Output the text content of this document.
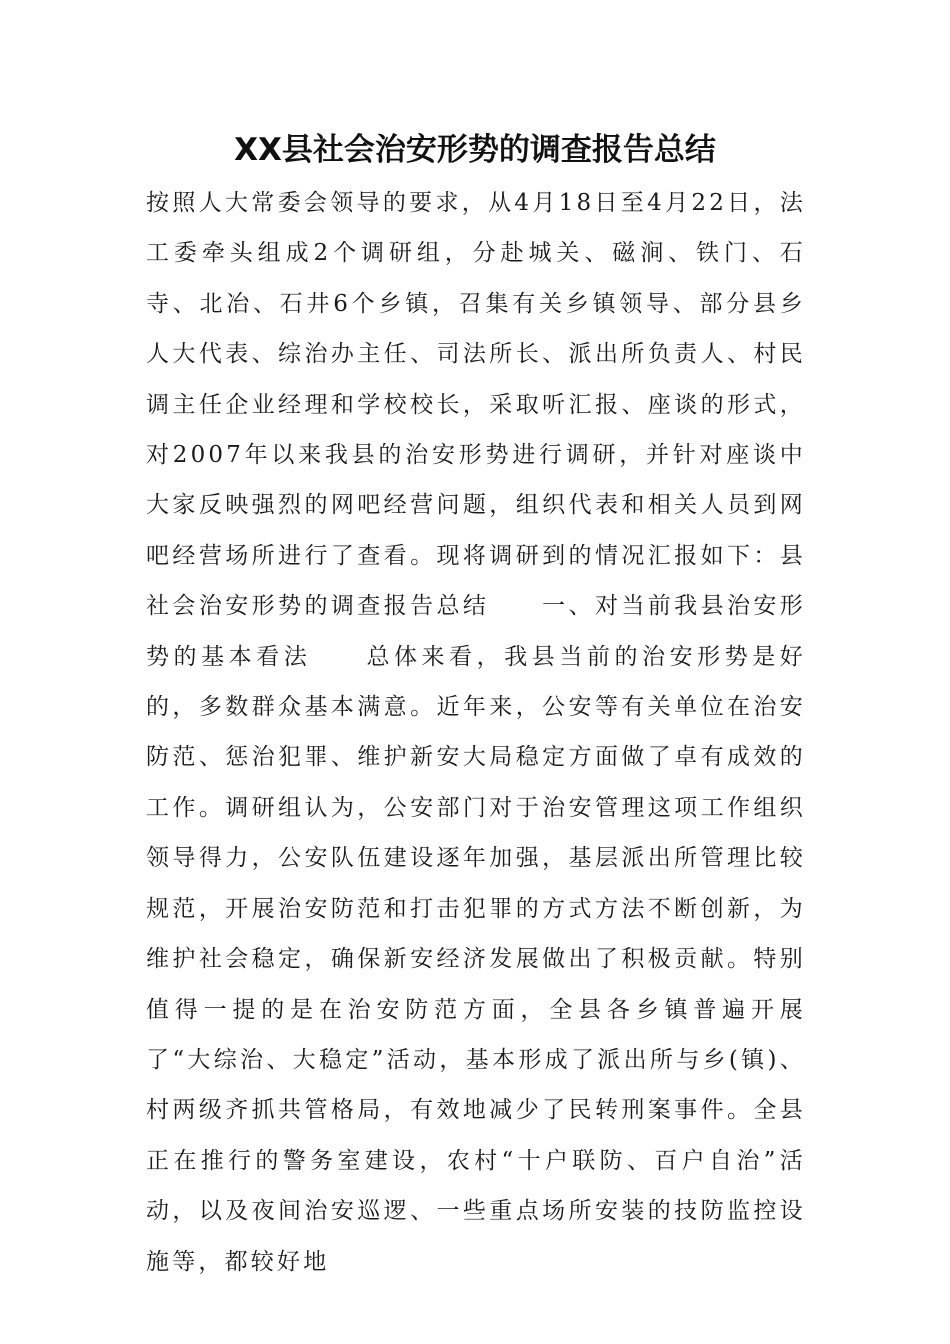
XX县社会治安形势的调查报告总结

按照人大常委会领导的要求，从4月18日至4月22日，法工委牵头组成2个调研组，分赴城关、磁涧、铁门、石寺、北冶、石井6个乡镇，召集有关乡镇领导、部分县乡人大代表、综治办主任、司法所长、派出所负责人、村民调主任企业经理和学校校长，采取听汇报、座谈的形式，对2007年以来我县的治安形势进行调研，并针对座谈中大家反映强烈的网吧经营问题，组织代表和相关人员到网吧经营场所进行了查看。现将调研到的情况汇报如下：县社会治安形势的调查报告总结　　一、对当前我县治安形势的基本看法　　总体来看，我县当前的治安形势是好的，多数群众基本满意。近年来，公安等有关单位在治安防范、惩治犯罪、维护新安大局稳定方面做了卓有成效的工作。调研组认为，公安部门对于治安管理这项工作组织领导得力，公安队伍建设逐年加强，基层派出所管理比较规范，开展治安防范和打击犯罪的方式方法不断创新，为维护社会稳定，确保新安经济发展做出了积极贡献。特别值得一提的是在治安防范方面，全县各乡镇普遍开展了“大综治、大稳定”活动，基本形成了派出所与乡(镇)、村两级齐抓共管格局，有效地减少了民转刑案事件。全县正在推行的警务室建设，农村“十户联防、百户自治”活动，以及夜间治安巡逻、一些重点场所安装的技防监控设施等，都较好地
